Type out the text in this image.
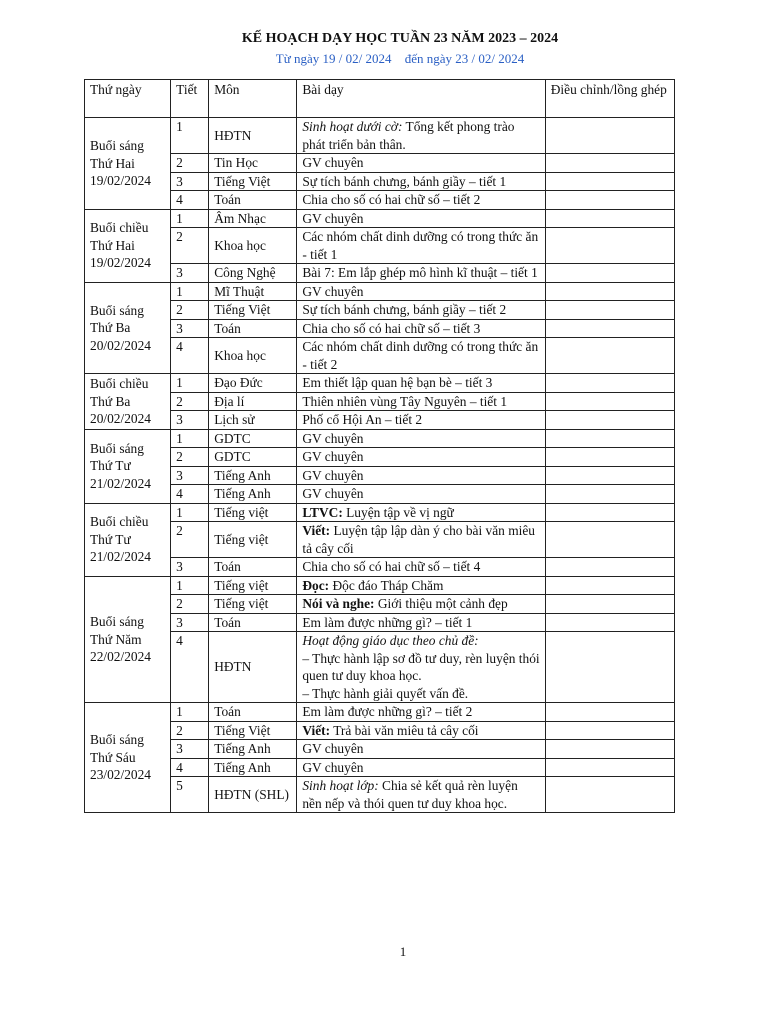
KẾ HOẠCH DẠY HỌC TUẦN 23 NĂM 2023 – 2024
Từ ngày 19 / 02/ 2024 đến ngày 23 / 02/ 2024
Thứ ngày	Tiết	Môn	Bài dạy	Điều chỉnh/lồng ghép

Buổi sáng
Thứ Hai
19/02/2024	1	HĐTN	Sinh hoạt dưới cờ: Tổng kết phong trào phát triển bản thân.	
	2	Tin Học	GV chuyên	
	3	Tiếng Việt	Sự tích bánh chưng, bánh giầy – tiết 1	
	4	Toán	Chia cho số có hai chữ số – tiết 2	

Buổi chiều
Thứ Hai
19/02/2024	1	Âm Nhạc	GV chuyên	
	2	Khoa học	Các nhóm chất dinh dưỡng có trong thức ăn - tiết 1	
	3	Công Nghệ	Bài 7: Em lắp ghép mô hình kĩ thuật – tiết 1	

Buổi sáng
Thứ Ba
20/02/2024	1	Mĩ Thuật	GV chuyên	
	2	Tiếng Việt	Sự tích bánh chưng, bánh giầy – tiết 2	
	3	Toán	Chia cho số có hai chữ số – tiết 3	
	4	Khoa học	Các nhóm chất dinh dưỡng có trong thức ăn - tiết 2	

Buổi chiều
Thứ Ba
20/02/2024	1	Đạo Đức	Em thiết lập quan hệ bạn bè – tiết 3	
	2	Địa lí	Thiên nhiên vùng Tây Nguyên – tiết 1	
	3	Lịch sử	Phố cổ Hội An – tiết 2	

Buổi sáng
Thứ Tư
21/02/2024	1	GDTC	GV chuyên	
	2	GDTC	GV chuyên	
	3	Tiếng Anh	GV chuyên	
	4	Tiếng Anh	GV chuyên	

Buổi chiều
Thứ Tư
21/02/2024	1	Tiếng việt	LTVC: Luyện tập về vị ngữ	
	2	Tiếng việt	Viết: Luyện tập lập dàn ý cho bài văn miêu tả cây cối	
	3	Toán	Chia cho số có hai chữ số – tiết 4	

Buổi sáng
Thứ Năm
22/02/2024	1	Tiếng việt	Đọc: Độc đáo Tháp Chăm	
	2	Tiếng việt	Nói và nghe: Giới thiệu một cảnh đẹp	
	3	Toán	Em làm được những gì? – tiết 1	
	4	HĐTN	Hoạt động giáo dục theo chủ đề:
– Thực hành lập sơ đồ tư duy, rèn luyện thói quen tư duy khoa học.
– Thực hành giải quyết vấn đề.	

Buổi sáng
Thứ Sáu
23/02/2024	1	Toán	Em làm được những gì? – tiết 2	
	2	Tiếng Việt	Viết: Trả bài văn miêu tả cây cối	
	3	Tiếng Anh	GV chuyên	
	4	Tiếng Anh	GV chuyên	
	5	HĐTN (SHL)	Sinh hoạt lớp: Chia sẻ kết quả rèn luyện nền nếp và thói quen tư duy khoa học.	
1
